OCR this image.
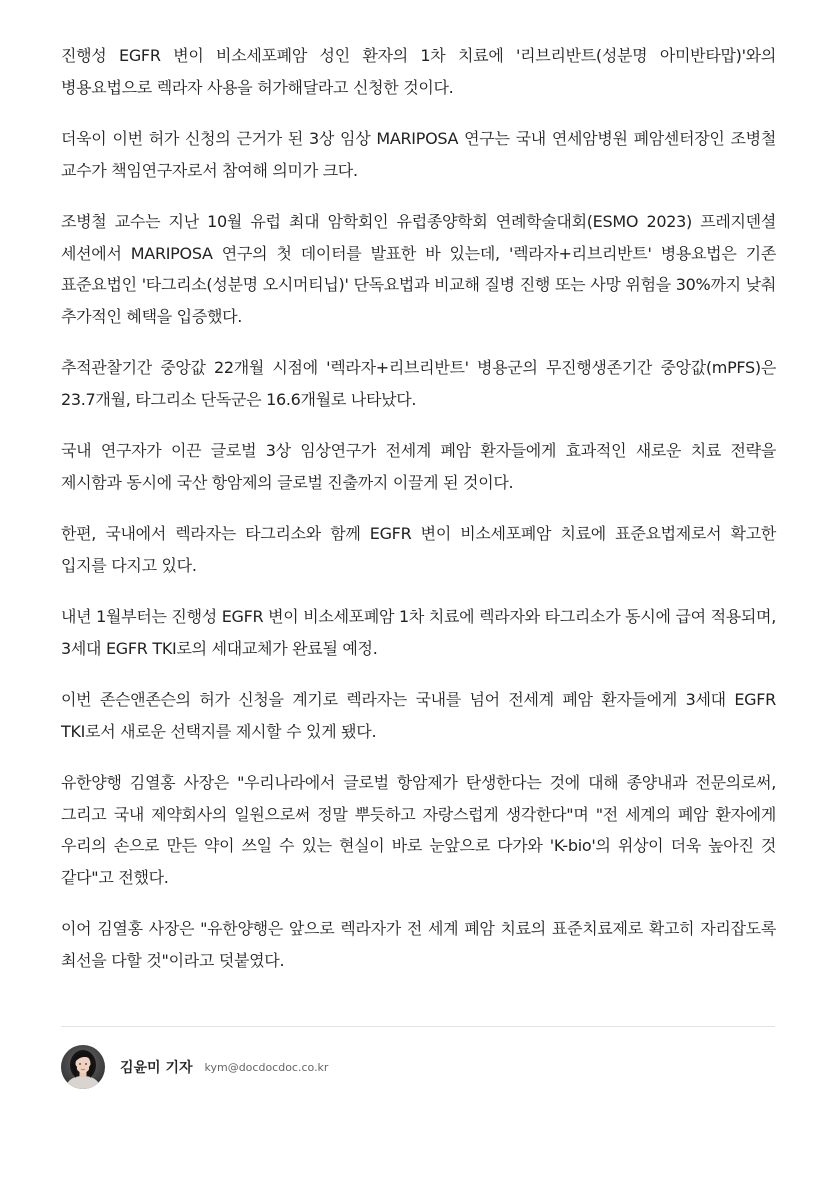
진행성 EGFR 변이 비소세포폐암 성인 환자의 1차 치료에 '리브리반트(성분명 아미반타맙)'와의 병용요법으로 렉라자 사용을 허가해달라고 신청한 것이다.

더욱이 이번 허가 신청의 근거가 된 3상 임상 MARIPOSA 연구는 국내 연세암병원 폐암센터장인 조병철 교수가 책임연구자로서 참여해 의미가 크다.

조병철 교수는 지난 10월 유럽 최대 암학회인 유럽종양학회 연례학술대회(ESMO 2023) 프레지덴셜 세션에서 MARIPOSA 연구의 첫 데이터를 발표한 바 있는데, '렉라자+리브리반트' 병용요법은 기존 표준요법인 '타그리소(성분명 오시머티닙)' 단독요법과 비교해 질병 진행 또는 사망 위험을 30%까지 낮춰 추가적인 혜택을 입증했다.

추적관찰기간 중앙값 22개월 시점에 '렉라자+리브리반트' 병용군의 무진행생존기간 중앙값(mPFS)은 23.7개월, 타그리소 단독군은 16.6개월로 나타났다.

국내 연구자가 이끈 글로벌 3상 임상연구가 전세계 폐암 환자들에게 효과적인 새로운 치료 전략을 제시함과 동시에 국산 항암제의 글로벌 진출까지 이끌게 된 것이다.

한편, 국내에서 렉라자는 타그리소와 함께 EGFR 변이 비소세포폐암 치료에 표준요법제로서 확고한 입지를 다지고 있다.

내년 1월부터는 진행성 EGFR 변이 비소세포폐암 1차 치료에 렉라자와 타그리소가 동시에 급여 적용되며, 3세대 EGFR TKI로의 세대교체가 완료될 예정.

이번 존슨앤존슨의 허가 신청을 계기로 렉라자는 국내를 넘어 전세계 폐암 환자들에게 3세대 EGFR TKI로서 새로운 선택지를 제시할 수 있게 됐다.

유한양행 김열홍 사장은 "우리나라에서 글로벌 항암제가 탄생한다는 것에 대해 종양내과 전문의로써, 그리고 국내 제약회사의 일원으로써 정말 뿌듯하고 자랑스럽게 생각한다"며 "전 세계의 폐암 환자에게 우리의 손으로 만든 약이 쓰일 수 있는 현실이 바로 눈앞으로 다가와 'K-bio'의 위상이 더욱 높아진 것 같다"고 전했다.

이어 김열홍 사장은 "유한양행은 앞으로 렉라자가 전 세계 폐암 치료의 표준치료제로 확고히 자리잡도록 최선을 다할 것"이라고 덧붙였다.

김윤미 기자 kym@docdocdoc.co.kr
